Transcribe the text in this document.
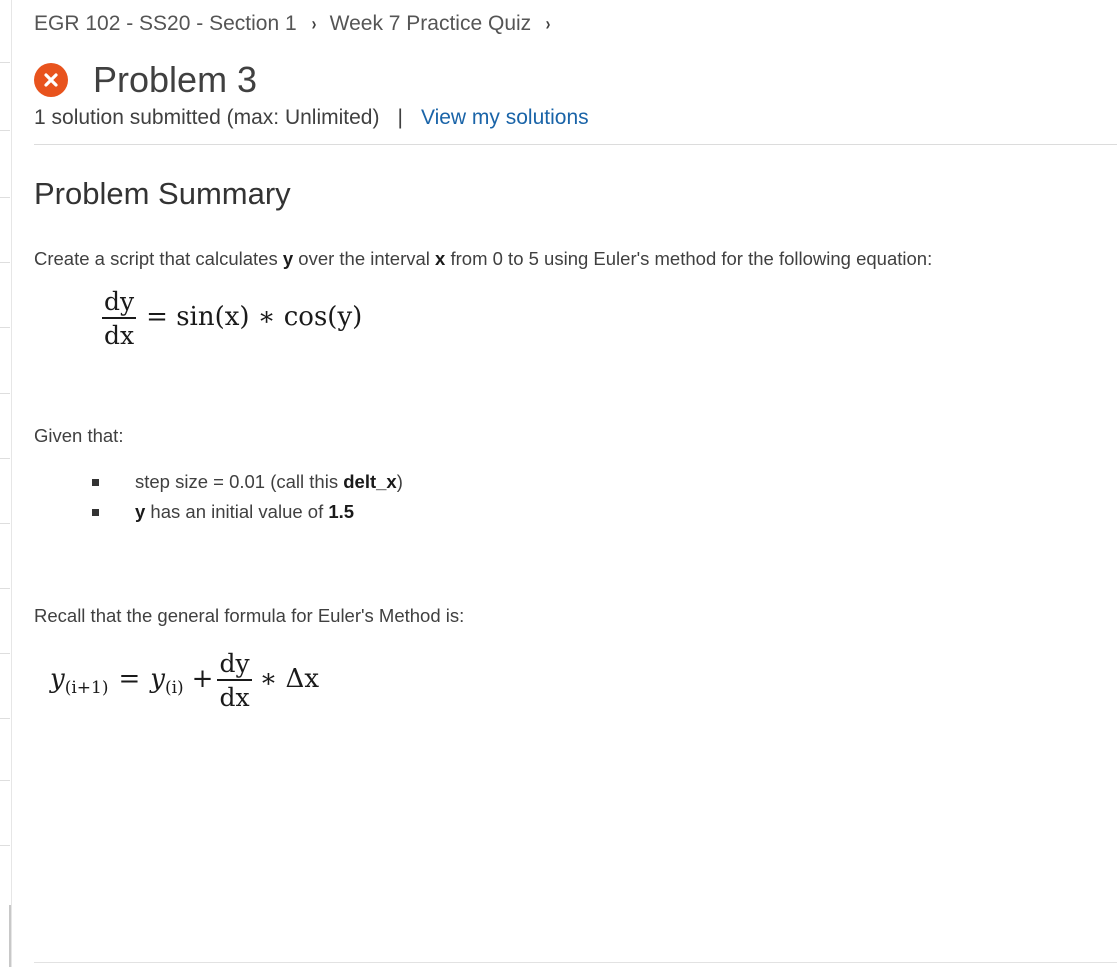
EGR 102 - SS20 - Section 1 › Week 7 Practice Quiz ›
Problem 3
1 solution submitted (max: Unlimited) | View my solutions
Problem Summary
Create a script that calculates y over the interval x from 0 to 5 using Euler's method for the following equation:
$\frac{dy}{dx} = \sin(x)$ ∗ cos(y)
Given that:
step size = 0.01 (call this delt_x)
y has an initial value of 1.5
Recall that the general formula for Euler's Method is:
$y_{(i+1)} = y_{(i)} + \frac{dy}{dx}$ ∗ Δx
